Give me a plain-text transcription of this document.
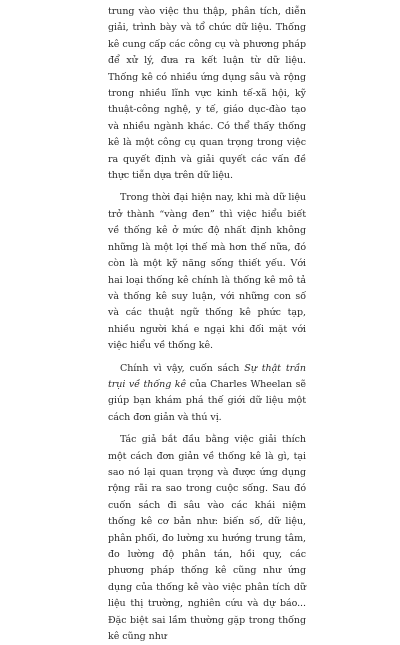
trung vào việc thu thập, phân tích, diễn giải, trình bày và tổ chức dữ liệu. Thống kê cung cấp các công cụ và phương pháp để xử lý, đưa ra kết luận từ dữ liệu. Thống kê có nhiều ứng dụng sâu và rộng trong nhiều lĩnh vực kinh tế-xã hội, kỹ thuật-công nghệ, y tế, giáo dục-đào tạo và nhiều ngành khác. Có thể thấy thống kê là một công cụ quan trọng trong việc ra quyết định và giải quyết các vấn đề thực tiễn dựa trên dữ liệu.

Trong thời đại hiện nay, khi mà dữ liệu trở thành “vàng đen” thì việc hiểu biết về thống kê ở mức độ nhất định không những là một lợi thế mà hơn thế nữa, đó còn là một kỹ năng sống thiết yếu. Với hai loại thống kê chính là thống kê mô tả và thống kê suy luận, với những con số và các thuật ngữ thống kê phức tạp, nhiều người khá e ngại khi đối mặt với việc hiểu về thống kê.

Chính vì vậy, cuốn sách Sự thật trần trụi về thống kê của Charles Wheelan sẽ giúp bạn khám phá thế giới dữ liệu một cách đơn giản và thú vị.

Tác giả bắt đầu bằng việc giải thích một cách đơn giản về thống kê là gì, tại sao nó lại quan trọng và được ứng dụng rộng rãi ra sao trong cuộc sống. Sau đó cuốn sách đi sâu vào các khái niệm thống kê cơ bản như: biến số, dữ liệu, phân phối, đo lường xu hướng trung tâm, đo lường độ phân tán, hồi quy, các phương pháp thống kê cũng như ứng dụng của thống kê vào việc phân tích dữ liệu thị trường, nghiên cứu và dự báo... Đặc biệt sai lầm thường gặp trong thống kê cũng như
